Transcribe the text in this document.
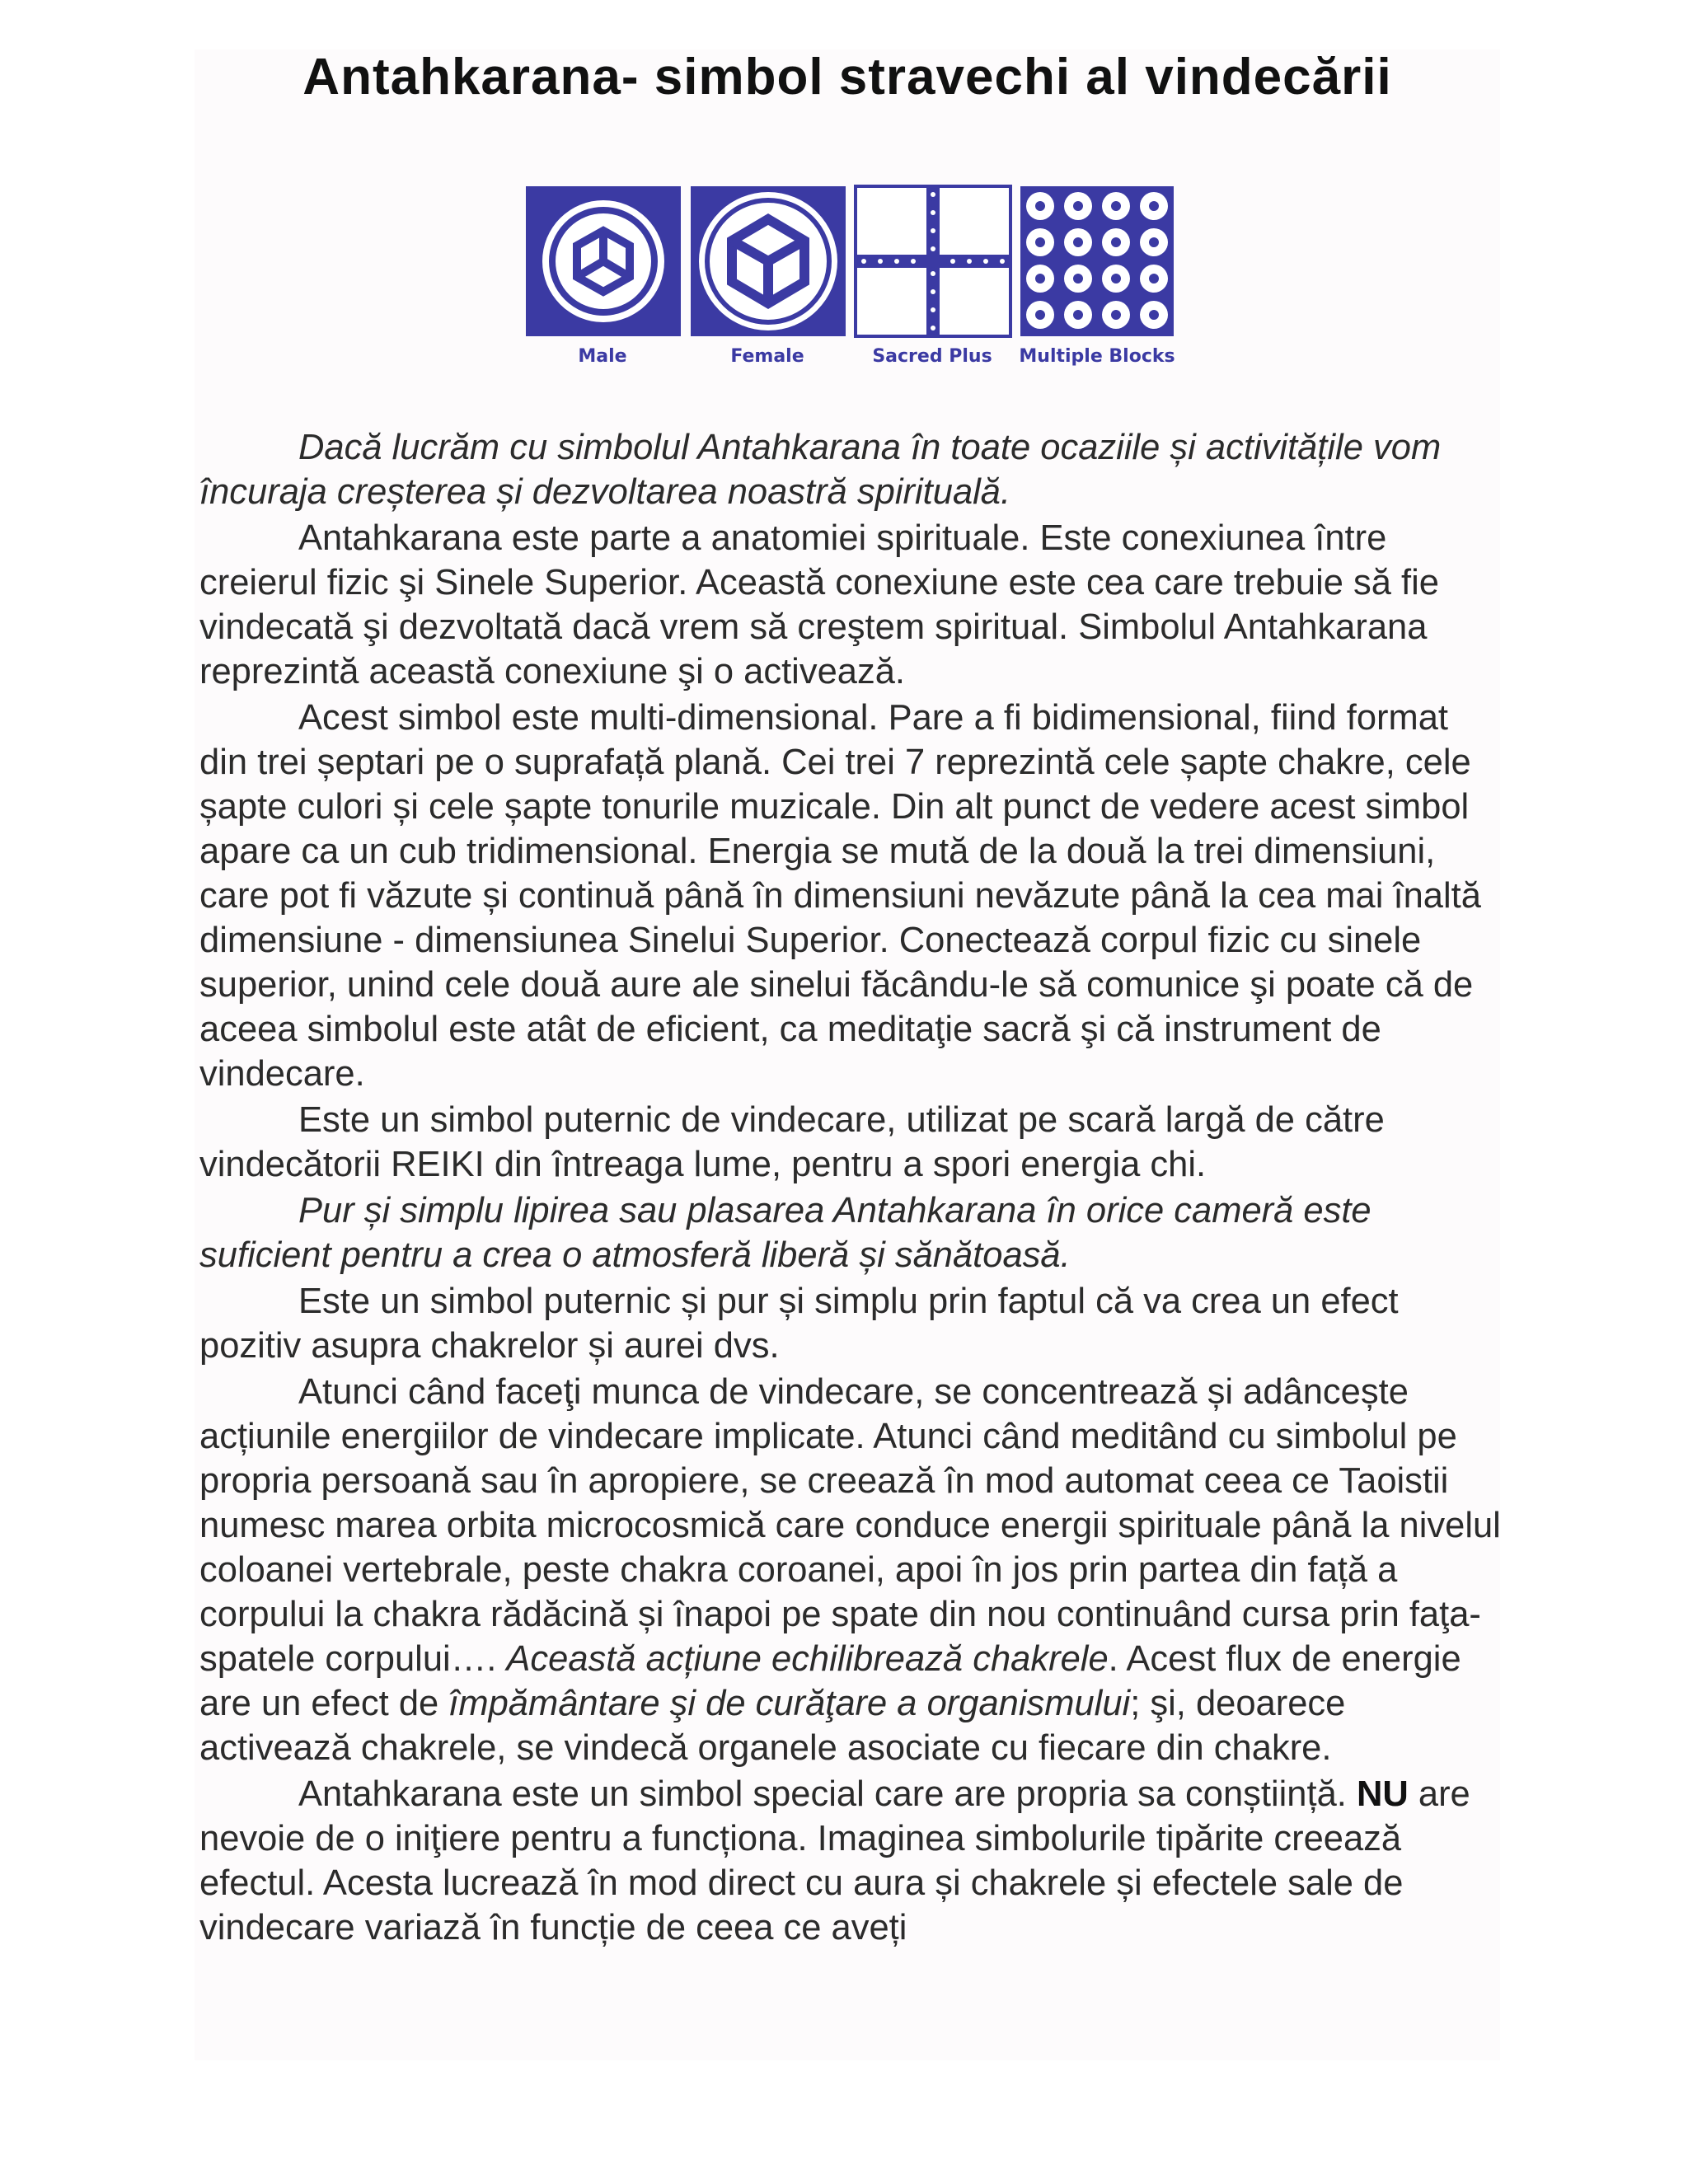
Antahkarana- simbol stravechi al vindecării
Male	Female	Sacred Plus	Multiple Blocks

Dacă lucrăm cu simbolul Antahkarana în toate ocaziile și activitățile vom încuraja creșterea și dezvoltarea noastră spirituală.

Antahkarana este parte a anatomiei spirituale. Este conexiunea între creierul fizic şi Sinele Superior. Această conexiune este cea care trebuie să fie vindecată şi dezvoltată dacă vrem să creştem spiritual. Simbolul Antahkarana reprezintă această conexiune şi o activează.

Acest simbol este multi-dimensional. Pare a fi bidimensional, fiind format din trei șeptari pe o suprafață plană. Cei trei 7 reprezintă cele șapte chakre, cele șapte culori și cele șapte tonurile muzicale. Din alt punct de vedere acest simbol apare ca un cub tridimensional. Energia se mută de la două la trei dimensiuni, care pot fi văzute și continuă până în dimensiuni nevăzute până la cea mai înaltă dimensiune - dimensiunea Sinelui Superior. Conectează corpul fizic cu sinele superior, unind cele două aure ale sinelui făcându-le să comunice şi poate că de aceea simbolul este atât de eficient, ca meditaţie sacră şi că instrument de vindecare.

Este un simbol puternic de vindecare, utilizat pe scară largă de către vindecătorii REIKI din întreaga lume, pentru a spori energia chi.

Pur și simplu lipirea sau plasarea Antahkarana în orice cameră este suficient pentru a crea o atmosferă liberă și sănătoasă.

Este un simbol puternic și pur și simplu prin faptul că va crea un efect pozitiv asupra chakrelor și aurei dvs.

Atunci când faceţi munca de vindecare, se concentrează și adâncește acțiunile energiilor de vindecare implicate. Atunci când meditând cu simbolul pe propria persoană sau în apropiere, se creează în mod automat ceea ce Taoistii numesc marea orbita microcosmică care conduce energii spirituale până la nivelul coloanei vertebrale, peste chakra coroanei, apoi în jos prin partea din față a corpului la chakra rădăcină și înapoi pe spate din nou continuând cursa prin faţa-spatele corpului…. Această acțiune echilibrează chakrele. Acest flux de energie are un efect de împământare şi de curăţare a organismului; şi, deoarece activează chakrele, se vindecă organele asociate cu fiecare din chakre.

Antahkarana este un simbol special care are propria sa conștiință. NU are nevoie de o iniţiere pentru a funcționa. Imaginea simbolurile tipărite creează efectul. Acesta lucrează în mod direct cu aura și chakrele și efectele sale de vindecare variază în funcție de ceea ce aveți
